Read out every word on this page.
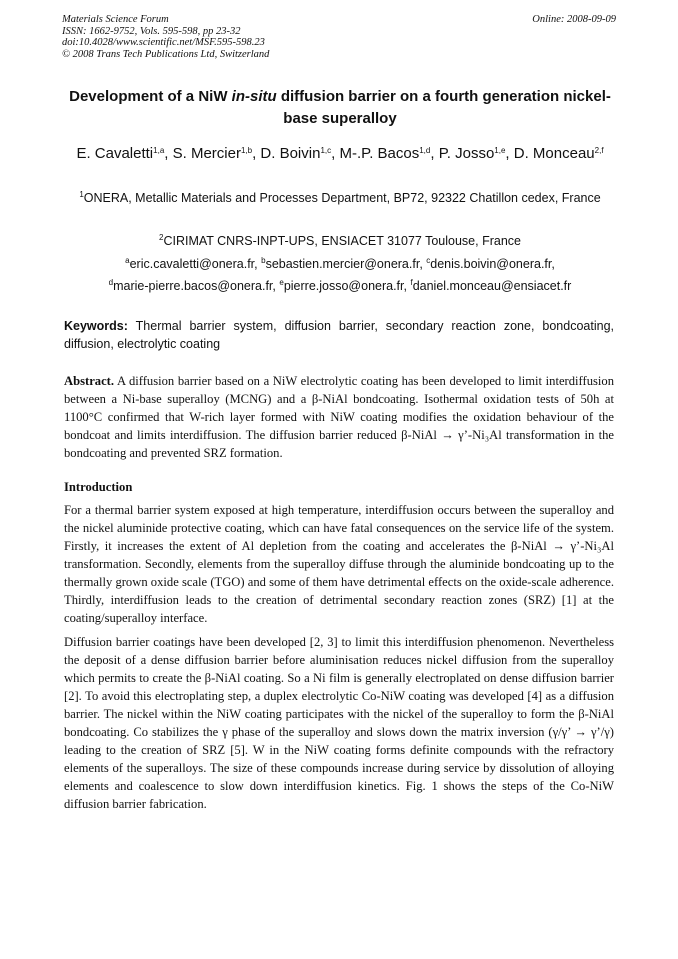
Materials Science Forum
ISSN: 1662-9752, Vols. 595-598, pp 23-32
doi:10.4028/www.scientific.net/MSF.595-598.23
© 2008 Trans Tech Publications Ltd, Switzerland
Online: 2008-09-09
Development of a NiW in-situ diffusion barrier on a fourth generation nickel-base superalloy
E. Cavaletti$^{1,a}$, S. Mercier$^{1,b}$, D. Boivin$^{1,c}$, M-.P. Bacos$^{1,d}$, P. Josso$^{1,e}$, D. Monceau$^{2,f}$
$^1$ONERA, Metallic Materials and Processes Department, BP72, 92322 Chatillon cedex, France
$^2$CIRIMAT CNRS-INPT-UPS, ENSIACET 31077 Toulouse, France
$^a$eric.cavaletti@onera.fr, $^b$sebastien.mercier@onera.fr, $^c$denis.boivin@onera.fr,
$^d$marie-pierre.bacos@onera.fr, $^e$pierre.josso@onera.fr, $^f$daniel.monceau@ensiacet.fr
Keywords: Thermal barrier system, diffusion barrier, secondary reaction zone, bondcoating, diffusion, electrolytic coating

Abstract. A diffusion barrier based on a NiW electrolytic coating has been developed to limit interdiffusion between a Ni-base superalloy (MCNG) and a β-NiAl bondcoating. Isothermal oxidation tests of 50h at 1100°C confirmed that W-rich layer formed with NiW coating modifies the oxidation behaviour of the bondcoat and limits interdiffusion. The diffusion barrier reduced β-NiAl → γ’-Ni₃Al transformation in the bondcoating and prevented SRZ formation.

Introduction

For a thermal barrier system exposed at high temperature, interdiffusion occurs between the superalloy and the nickel aluminide protective coating, which can have fatal consequences on the service life of the system. Firstly, it increases the extent of Al depletion from the coating and accelerates the β-NiAl → γ’-Ni₃Al transformation. Secondly, elements from the superalloy diffuse through the aluminide bondcoating up to the thermally grown oxide scale (TGO) and some of them have detrimental effects on the oxide-scale adherence. Thirdly, interdiffusion leads to the creation of detrimental secondary reaction zones (SRZ) [1] at the coating/superalloy interface.

Diffusion barrier coatings have been developed [2, 3] to limit this interdiffusion phenomenon. Nevertheless the deposit of a dense diffusion barrier before aluminisation reduces nickel diffusion from the superalloy which permits to create the β-NiAl coating. So a Ni film is generally electroplated on dense diffusion barrier [2]. To avoid this electroplating step, a duplex electrolytic Co-NiW coating was developed [4] as a diffusion barrier. The nickel within the NiW coating participates with the nickel of the superalloy to form the β-NiAl bondcoating. Co stabilizes the γ phase of the superalloy and slows down the matrix inversion (γ/γ’ → γ’/γ) leading to the creation of SRZ [5]. W in the NiW coating forms definite compounds with the refractory elements of the superalloys. The size of these compounds increase during service by dissolution of alloying elements and coalescence to slow down interdiffusion kinetics. Fig. 1 shows the steps of the Co-NiW diffusion barrier fabrication.
